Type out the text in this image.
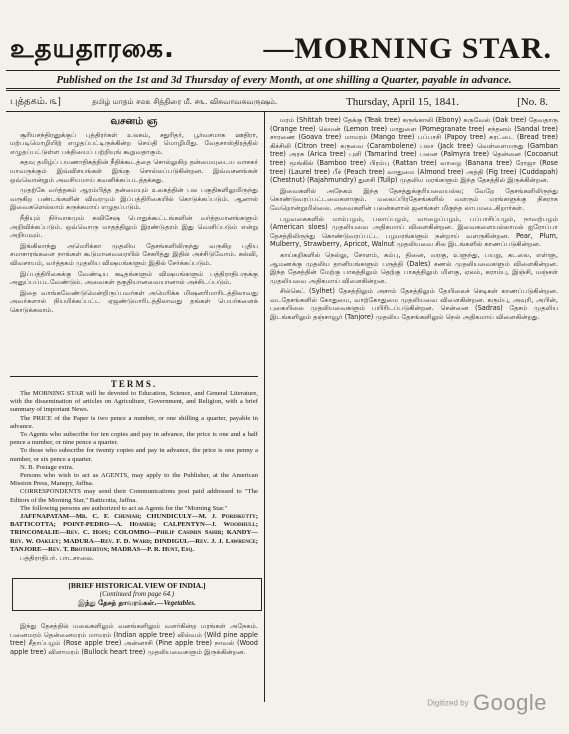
உதயதாரகை.	—MORNING STAR.
Published on the 1st and 3d Thursday of every Month, at one shilling a Quarter, payable in advance.
புத்தகம். ௩]	தமிழ் மாதம் ௪௰௨ சித்திரை மீ. ௪௩. விசுவாவசுவருஷம்.	Thursday, April 15, 1841.	[No. 8.
வசனம் ஞ

சூரியசந்திரனுக்குப் புத்திரர்கள் உலகம், சதுரிதர், பூர்வசமாக ஊதிரா, மற்படிமொழியிற் எழுதப்பட்டிருக்கின்ற செய்தி மொழிமிது. வேதசாஸ்திரத்தில் எழுதப்பட்டுள்ள பக்தியைப் பற்றியுங் கூறுவதாகும்.

சுதவு தமிழ்ப் பயணாதிகத்தின் நீதிக்கூடத்தை சொல்லுகிற தன்மையுடைய வாசகர் யாவருக்கும் இவ்விசயங்கள் இங்கு சொல்லப்படுகின்றன. இவ்வசனங்கள் ஒவ்வொன்றும் அவசியமாய் கவனிக்கப்படத்தக்கது.

முதற்கே வர்த்தகம் ஆரம்பித்த தன்மையும் உலகத்தின் பல பகுதிகளிலுமிருந்து வருகிற பண்டங்களின் விவரமும் இப்பத்திரிகையில் கொடுக்கப்படும். ஆனால் இவைகளெல்லாம் சுருக்கமாய் எழுதப்படும்.

நீதியும் நிர்வாகமும் சுவிசேஷ பொதுக்கூட்டங்களின் வர்த்தமானங்களும் அறிவிக்கப்படும். ஒவ்வொரு மாதத்திலும் இரண்டுதரம் இது வெளிப்படும் என்று அறியவும்.

இங்கிலாந்து அமெரிக்கா முதலிய தேசங்களிலிருந்து வருகிற புதிய சமாசாரங்களை நாங்கள் கூடுமானவரையில் சேகரித்து இதில் அச்சிடுவோம். கல்வி, விவசாயம், வர்த்தகம் முதலிய விஷயங்களும் இதில் சேர்க்கப்படும்.

இப்பத்திரிகைக்கு வேண்டிய கடிதங்களும் விஷயங்களும் பத்திராதிபருக்கு அனுப்பப்படவேண்டும். அவைகள் தகுதியானவையானால் அச்சிடப்படும்.

இதை வாங்கவேண்டுமென்றிருப்பவர்கள் அமெரிக்க மிஷனரிமாரிடத்திலாவது அவர்களால் நியமிக்கப்பட்ட ஏஜண்டுமாரிடத்திலாவது தங்கள் பெயர்களைக் கொடுக்கலாம்.

TERMS.

The MORNING STAR will be devoted to Education, Science, and General Literature, with the dissemination of articles on Agriculture, Government, and Religion, with a brief summary of important News.

The PRICE of the Paper is two pence a number, or one shilling a quarter, payable in advance.

To Agents who subscribe for ten copies and pay in advance, the price is one and a half pence a number, or nine pence a quarter.

To those who subscribe for twenty copies and pay in advance, the price is one penny a number, or six pence a quarter.

N. B. Postage extra.

Persons who wish to act as AGENTS, may apply to the Publisher, at the American Mission Press, Manepy, Jaffna.

CORRESPONDENTS may send their Communications post paid addressed to "The Editors of the Morning Star," Batticotta, Jaffna.

The following persons are authorized to act as Agents for the "Morning Star."

JAFFNAPATAM—Mr. C. F. Cheniah; CHUNDICULY—M. J. Poriskutty; BATTICOTTA; POINT-PEDRO—A. Hoamer; CALPENTYN—J. Woodhull; TRINCOMALIE—Rev. C. Hope; COLOMBO—Philip Casimin Sahib; KANDY—Rev. W. Oakley; MADURA—Rev. F. D. Ward; DINDIGUL—Rev. J. J. Lawrence; TANJORE—Rev. T. Brotherton; MADRAS—P. R. Hunt, Esq.

பத்திராதிபர். பாடசாலை.

[BRIEF HISTORICAL VIEW OF INDIA.]
(Continued from page 64.)
இந்து தேசத் தாவரங்கள்.—Vegetables.

இந்து தேசத்தில் மலைகளிலும் வனங்களிலும் வளர்கின்ற மரங்கள் அநேகம். பனைமரம் தென்னைமரம் மாமரம் (Indian apple tree) வில்வம் (Wild pine apple tree) சீதாப்பழம் (Rose apple tree) அன்னாசி (Pine apple tree) நாவல் (Wood apple tree) விளாமரம் (Bullock heart tree) முதலியவைகளும் இருக்கின்றன.

மரம் (Shittah tree) தேக்கு (Teak tree) கருங்காலி (Ebony) கருவேல் (Oak tree) தேவதாரு (Orange tree) லெமன் (Lemon tree) மாதுளை (Pomegranate tree) சந்தனம் (Sandal tree) சாரணை (Goava tree) மாமரம் (Mango tree) பப்பாசி (Papoy tree) சுரட்டை (Bread tree) கிச்சிலி (Citron tree) கருவை (Carambolene) பலா (Jack tree) வெள்ளைமருது (Gamban tree) அரசு (Arica tree) புளி (Tamarind tree) பனை (Palmyra tree) தென்னை (Cocoanut tree) மூங்கில் (Bamboo tree) பிரம்பு (Rattan tree) வாழை (Banana tree) ரோஜா (Rose tree) (Laurel tree) பீச் (Peach tree) வாதுமை (Almond tree) அத்தி (Fig tree) (Cuddapah) (Chestnut) (Rajahmundry) துளசி (Tulip) முதலிய மரங்களும் இந்த தேசத்தில் இருக்கின்றன.

இவைகளில் அநேகம் இந்த தேசத்துக்குரியவையல்ல; வேறே தேசங்களிலிருந்து கொண்டுவரப்பட்டவைகளாகும். மலைப்பிரதேசங்களில் வளரும் மரங்களுக்கு நிகராக வேறொன்றுமில்லை. அவைகளின் பலன்களால் ஜனங்கள் மிகுந்த லாபமடைகிறார்கள்.

பழவகைகளில் மாம்பழம், பலாப்பழம், வாழைப்பழம், பப்பாசிப்பழம், நாவற்பழம் (American sloes) முதலியவை அதிகமாய் விளைகின்றன. இவைகளையல்லாமல் ஐரோப்பா தேசத்திலிருந்து கொண்டுவரப்பட்ட பழமரங்களும் நன்றாய் வளருகின்றன. Pear, Plum, Mulberry, Strawberry, Apricot, Walnut முதலியவை சில இடங்களில் காணப்படுகின்றன.

காய்கறிகளில் நெல்லு, சோளம், கம்பு, தினை, வரகு, உளுந்து, பயறு, கடலை, எள்ளு, ஆமணக்கு முதலிய தானியங்களும் பருத்தி (Dales) சணல் முதலியவைகளும் விளைகின்றன. இந்த தேசத்தின் மேற்கு பாகத்திலும் தெற்கு பாகத்திலும் மிளகு, ஏலம், கராம்பு, இஞ்சி, மஞ்சள் முதலியவை அதிகமாய் விளைகின்றன.

சில்கெட் (Sylhet) தேசத்திலும் அசாம் தேசத்திலும் தேயிலைச் செடிகள் காணப்படுகின்றன. வடதேசங்களில் கோதுமை, வாற்கோதுமை முதலியவை விளைகின்றன. கரும்பு, அவுரி, அபின், புகையிலை முதலியவைகளும் பயிரிடப்படுகின்றன. சென்னை (Sadras) தேசம் முதலிய இடங்களிலும் தஞ்சாவூர் (Tanjore) முதலிய தேசங்களிலும் நெல் அதிகமாய் விளைகின்றது.

Digitized by Google
